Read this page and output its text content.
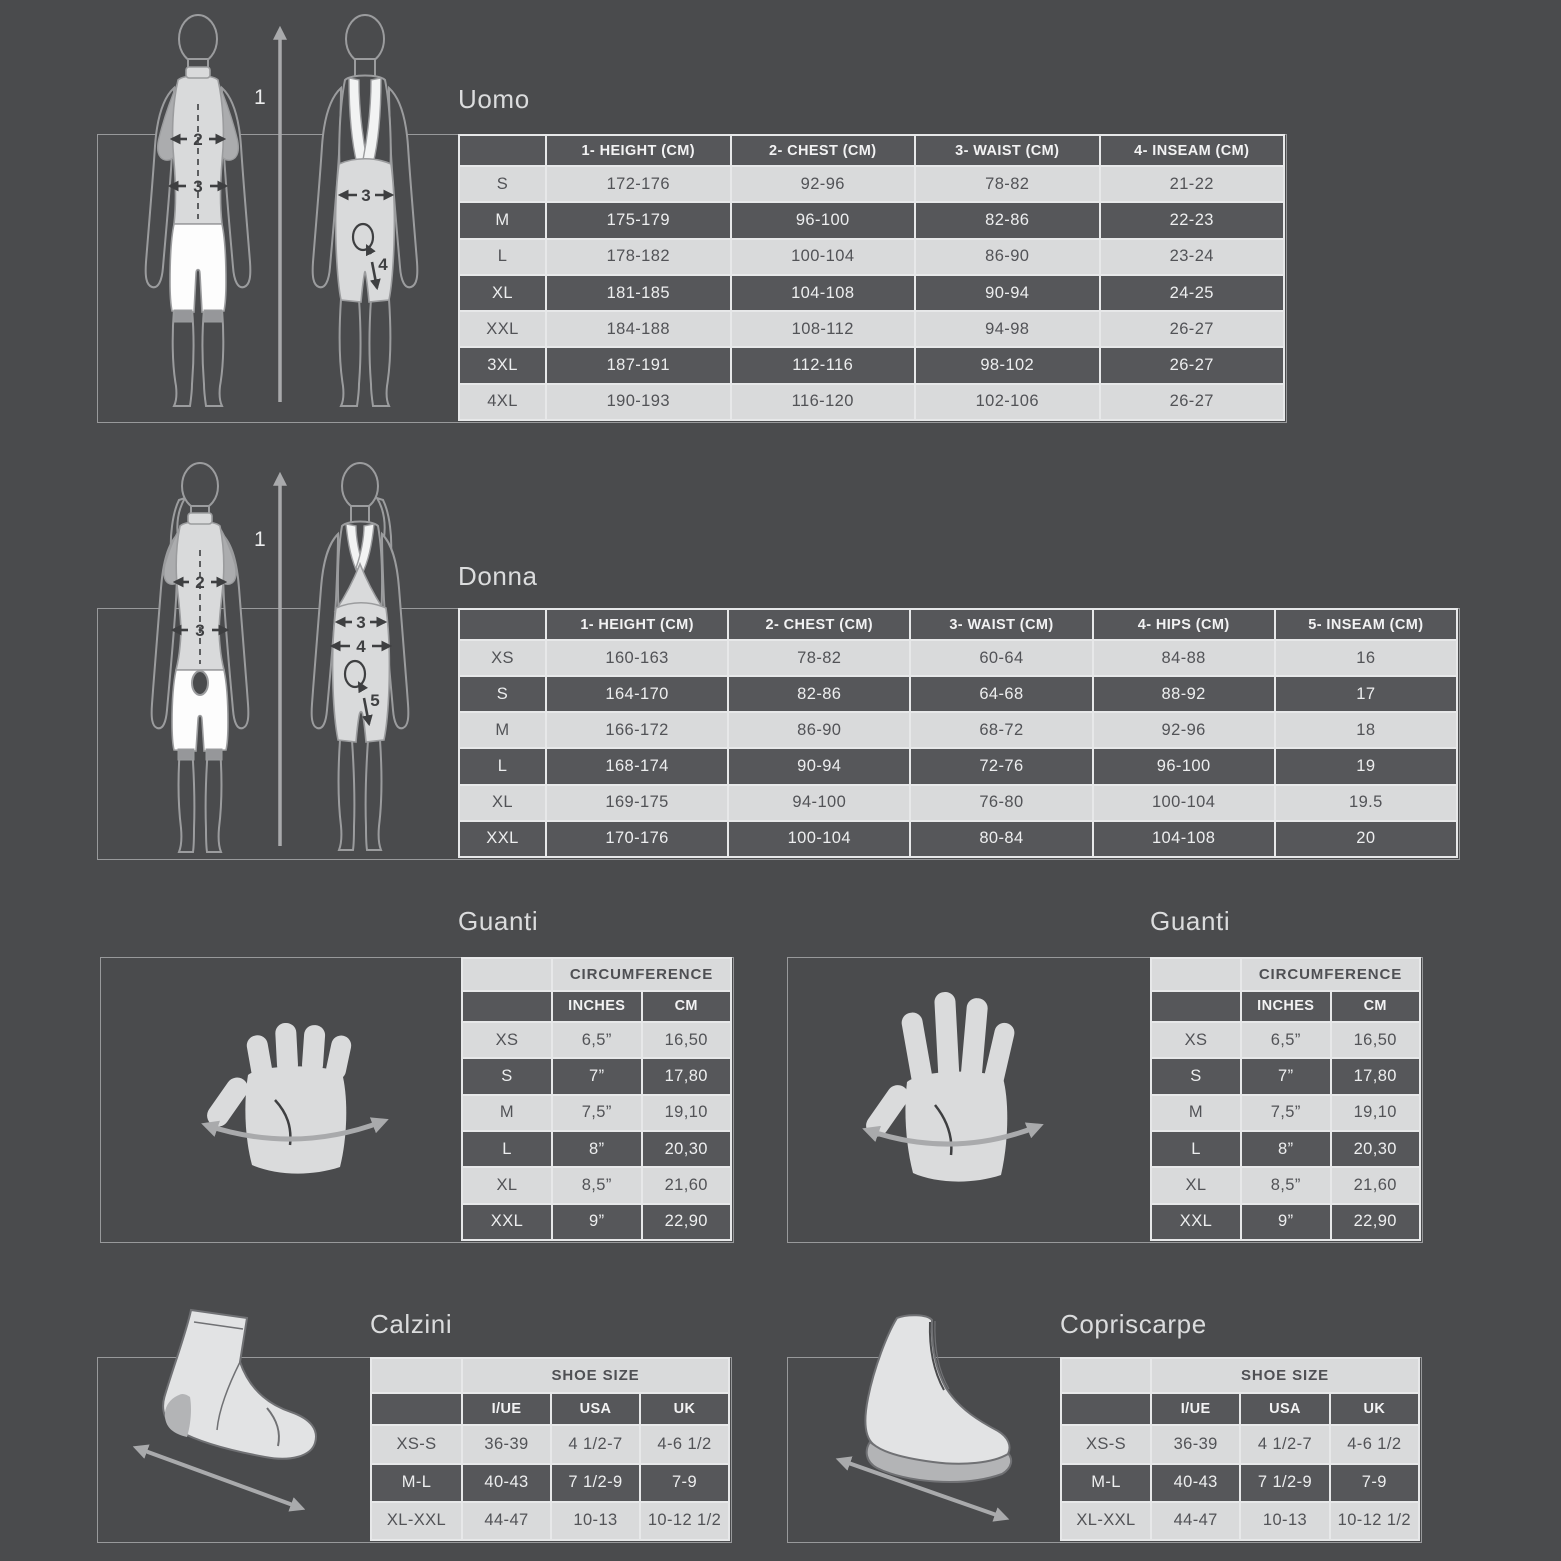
Uomo
2
3
1
3
4
	1- HEIGHT (CM)	2- CHEST (CM)	3- WAIST (CM)	4- INSEAM (CM)
S	172-176	92-96	78-82	21-22
M	175-179	96-100	82-86	22-23
L	178-182	100-104	86-90	23-24
XL	181-185	104-108	90-94	24-25
XXL	184-188	108-112	94-98	26-27
3XL	187-191	112-116	98-102	26-27
4XL	190-193	116-120	102-106	26-27
Donna
2
3
1
3
4
5
	1- HEIGHT (CM)	2- CHEST (CM)	3- WAIST (CM)	4- HIPS (CM)	5- INSEAM (CM)
XS	160-163	78-82	60-64	84-88	16
S	164-170	82-86	64-68	88-92	17
M	166-172	86-90	68-72	92-96	18
L	168-174	90-94	72-76	96-100	19
XL	169-175	94-100	76-80	100-104	19.5
XXL	170-176	100-104	80-84	104-108	20
Guanti
	CIRCUMFERENCE	
	INCHES	CM
XS	6,5”	16,50
S	7”	17,80
M	7,5”	19,10
L	8”	20,30
XL	8,5”	21,60
XXL	9”	22,90
Guanti
	CIRCUMFERENCE	
	INCHES	CM
XS	6,5”	16,50
S	7”	17,80
M	7,5”	19,10
L	8”	20,30
XL	8,5”	21,60
XXL	9”	22,90
Calzini
	SHOE SIZE		
	I/UE	USA	UK
XS-S	36-39	4 1/2-7	4-6 1/2
M-L	40-43	7 1/2-9	7-9
XL-XXL	44-47	10-13	10-12 1/2
Copriscarpe
	SHOE SIZE		
	I/UE	USA	UK
XS-S	36-39	4 1/2-7	4-6 1/2
M-L	40-43	7 1/2-9	7-9
XL-XXL	44-47	10-13	10-12 1/2
